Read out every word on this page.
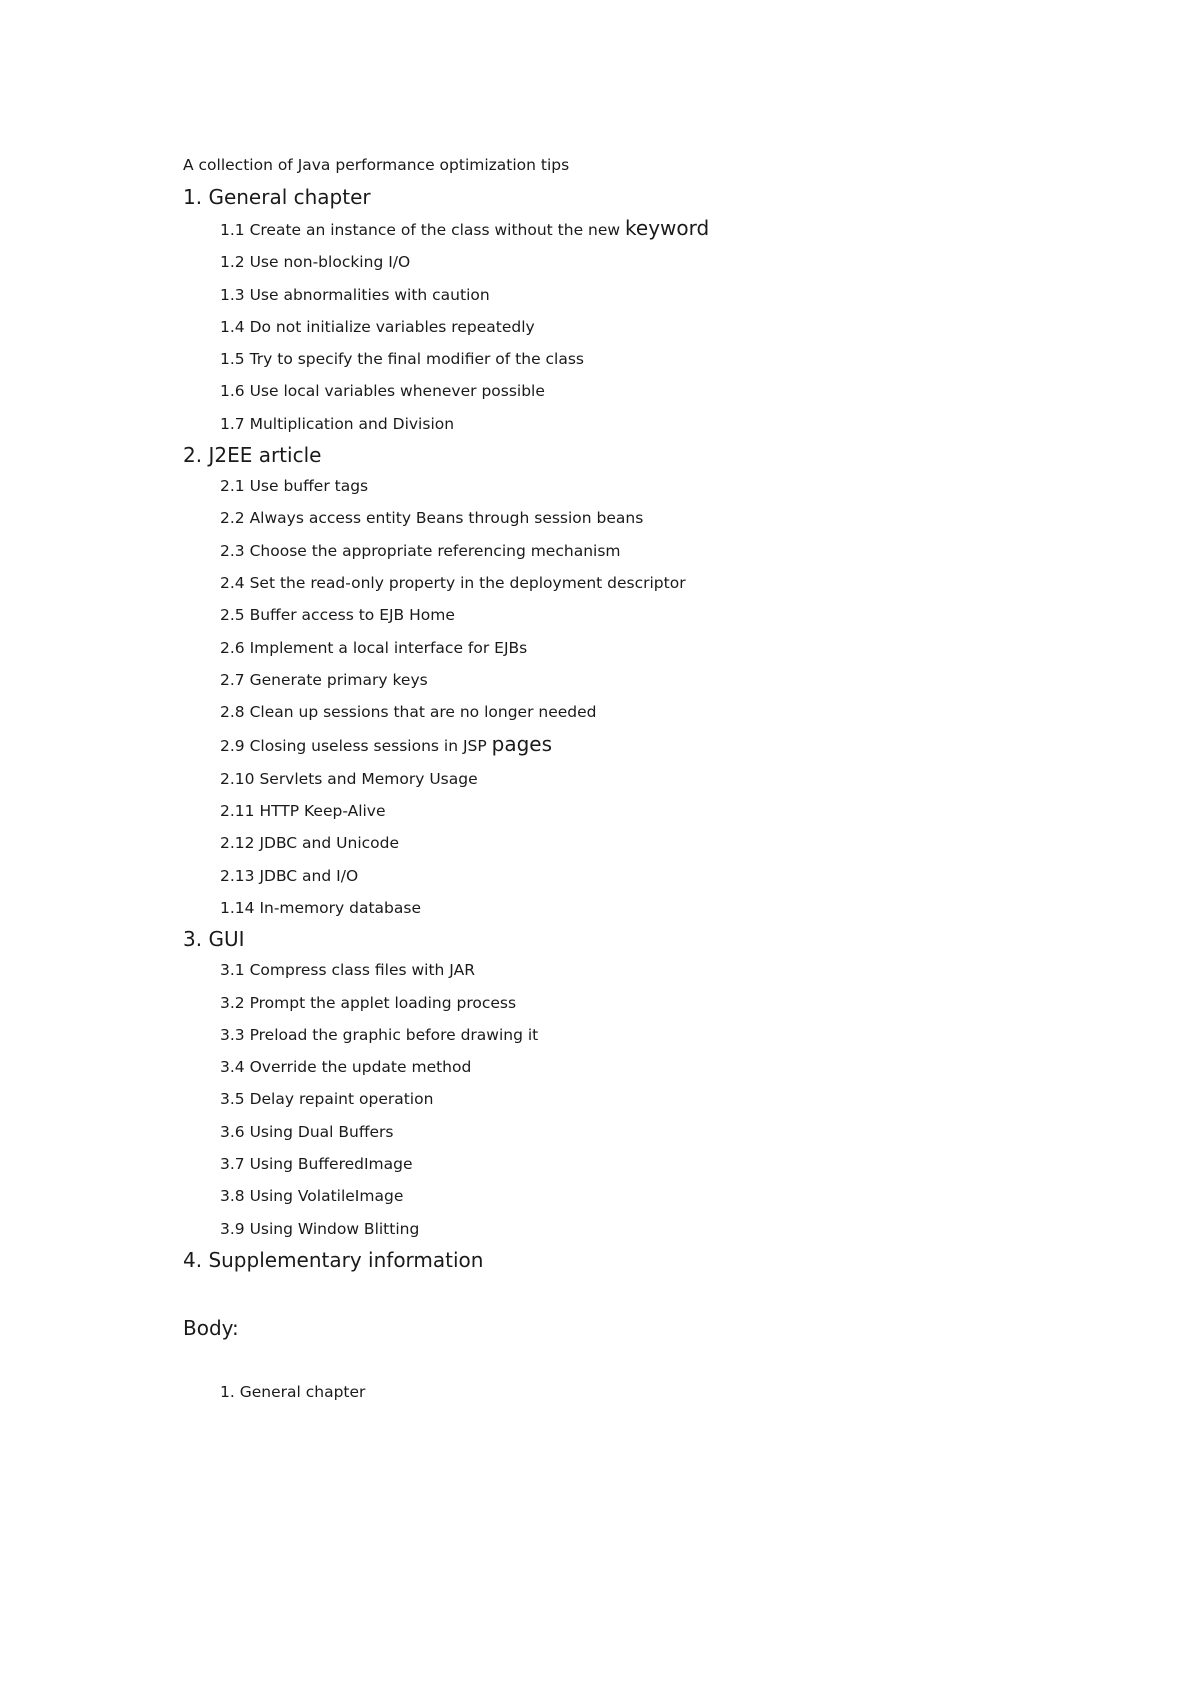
A collection of Java performance optimization tips
1. General chapter
1.1 Create an instance of the class without the new keyword
1.2 Use non-blocking I/O
1.3 Use abnormalities with caution
1.4 Do not initialize variables repeatedly
1.5 Try to specify the final modifier of the class
1.6 Use local variables whenever possible
1.7 Multiplication and Division
2. J2EE article
2.1 Use buffer tags
2.2 Always access entity Beans through session beans
2.3 Choose the appropriate referencing mechanism
2.4 Set the read-only property in the deployment descriptor
2.5 Buffer access to EJB Home
2.6 Implement a local interface for EJBs
2.7 Generate primary keys
2.8 Clean up sessions that are no longer needed
2.9 Closing useless sessions in JSP pages
2.10 Servlets and Memory Usage
2.11 HTTP Keep-Alive
2.12 JDBC and Unicode
2.13 JDBC and I/O
1.14 In-memory database
3. GUI
3.1 Compress class files with JAR
3.2 Prompt the applet loading process
3.3 Preload the graphic before drawing it
3.4 Override the update method
3.5 Delay repaint operation
3.6 Using Dual Buffers
3.7 Using BufferedImage
3.8 Using VolatileImage
3.9 Using Window Blitting
4. Supplementary information
Body:
1. General chapter
